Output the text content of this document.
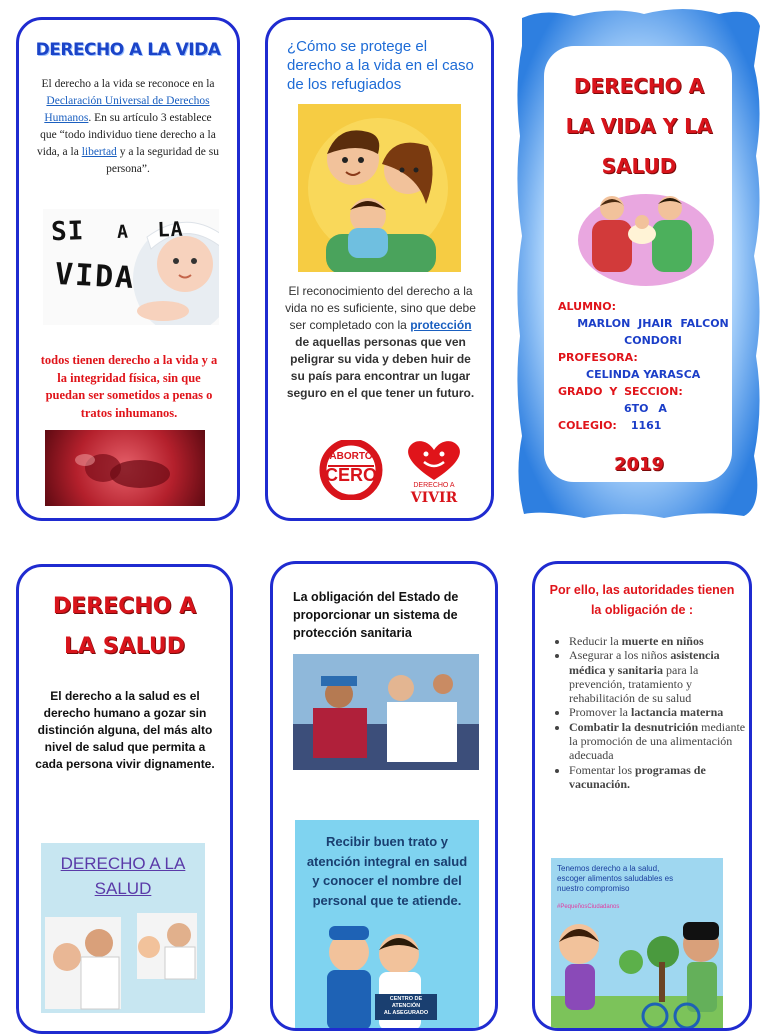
DERECHO A LA VIDA
El derecho a la vida se reconoce en la Declaración Universal de Derechos Humanos. En su artículo 3 establece que “todo individuo tiene derecho a la vida, a la libertad y a la seguridad de su persona”.
SI A LA
VIDA
todos tienen derecho a la vida y a la integridad física, sin que puedan ser sometidos a penas o tratos inhumanos.
¿Cómo se protege el derecho a la vida en el caso de los refugiados
El reconocimiento del derecho a la vida no es suficiente, sino que debe ser completado con la protección de aquellas personas que ven peligrar su vida y deben huir de su país para encontrar un lugar seguro en el que tener un futuro.
ABORTO
CERO
DERECHO A
VIVIR
DERECHO A
LA VIDA Y LA
SALUD
ALUMNO:
MARLON JHAIR FALCON
CONDORI
PROFESORA:
CELINDA YARASCA
GRADO Y SECCION:
6TO A
COLEGIO: 1161
2019
DERECHO A
LA SALUD
El derecho a la salud es el derecho humano a gozar sin distinción alguna, del más alto nivel de salud que permita a cada persona vivir dignamente.
DERECHO A LA
SALUD
La obligación del Estado de proporcionar un sistema de protección sanitaria
Recibir buen trato y atención integral en salud y conocer el nombre del personal que te atiende.
CENTRO DE ATENCIÓN
AL ASEGURADO
Por ello, las autoridades tienen la obligación de :
• Reducir la muerte en niños
• Asegurar a los niños asistencia médica y sanitaria para la prevención, tratamiento y rehabilitación de su salud
• Promover la lactancia materna
• Combatir la desnutrición mediante la promoción de una alimentación adecuada
• Fomentar los programas de vacunación.
Tenemos derecho a la salud,
escoger alimentos saludables es
nuestro compromiso
#PequeñosCiudadanos
